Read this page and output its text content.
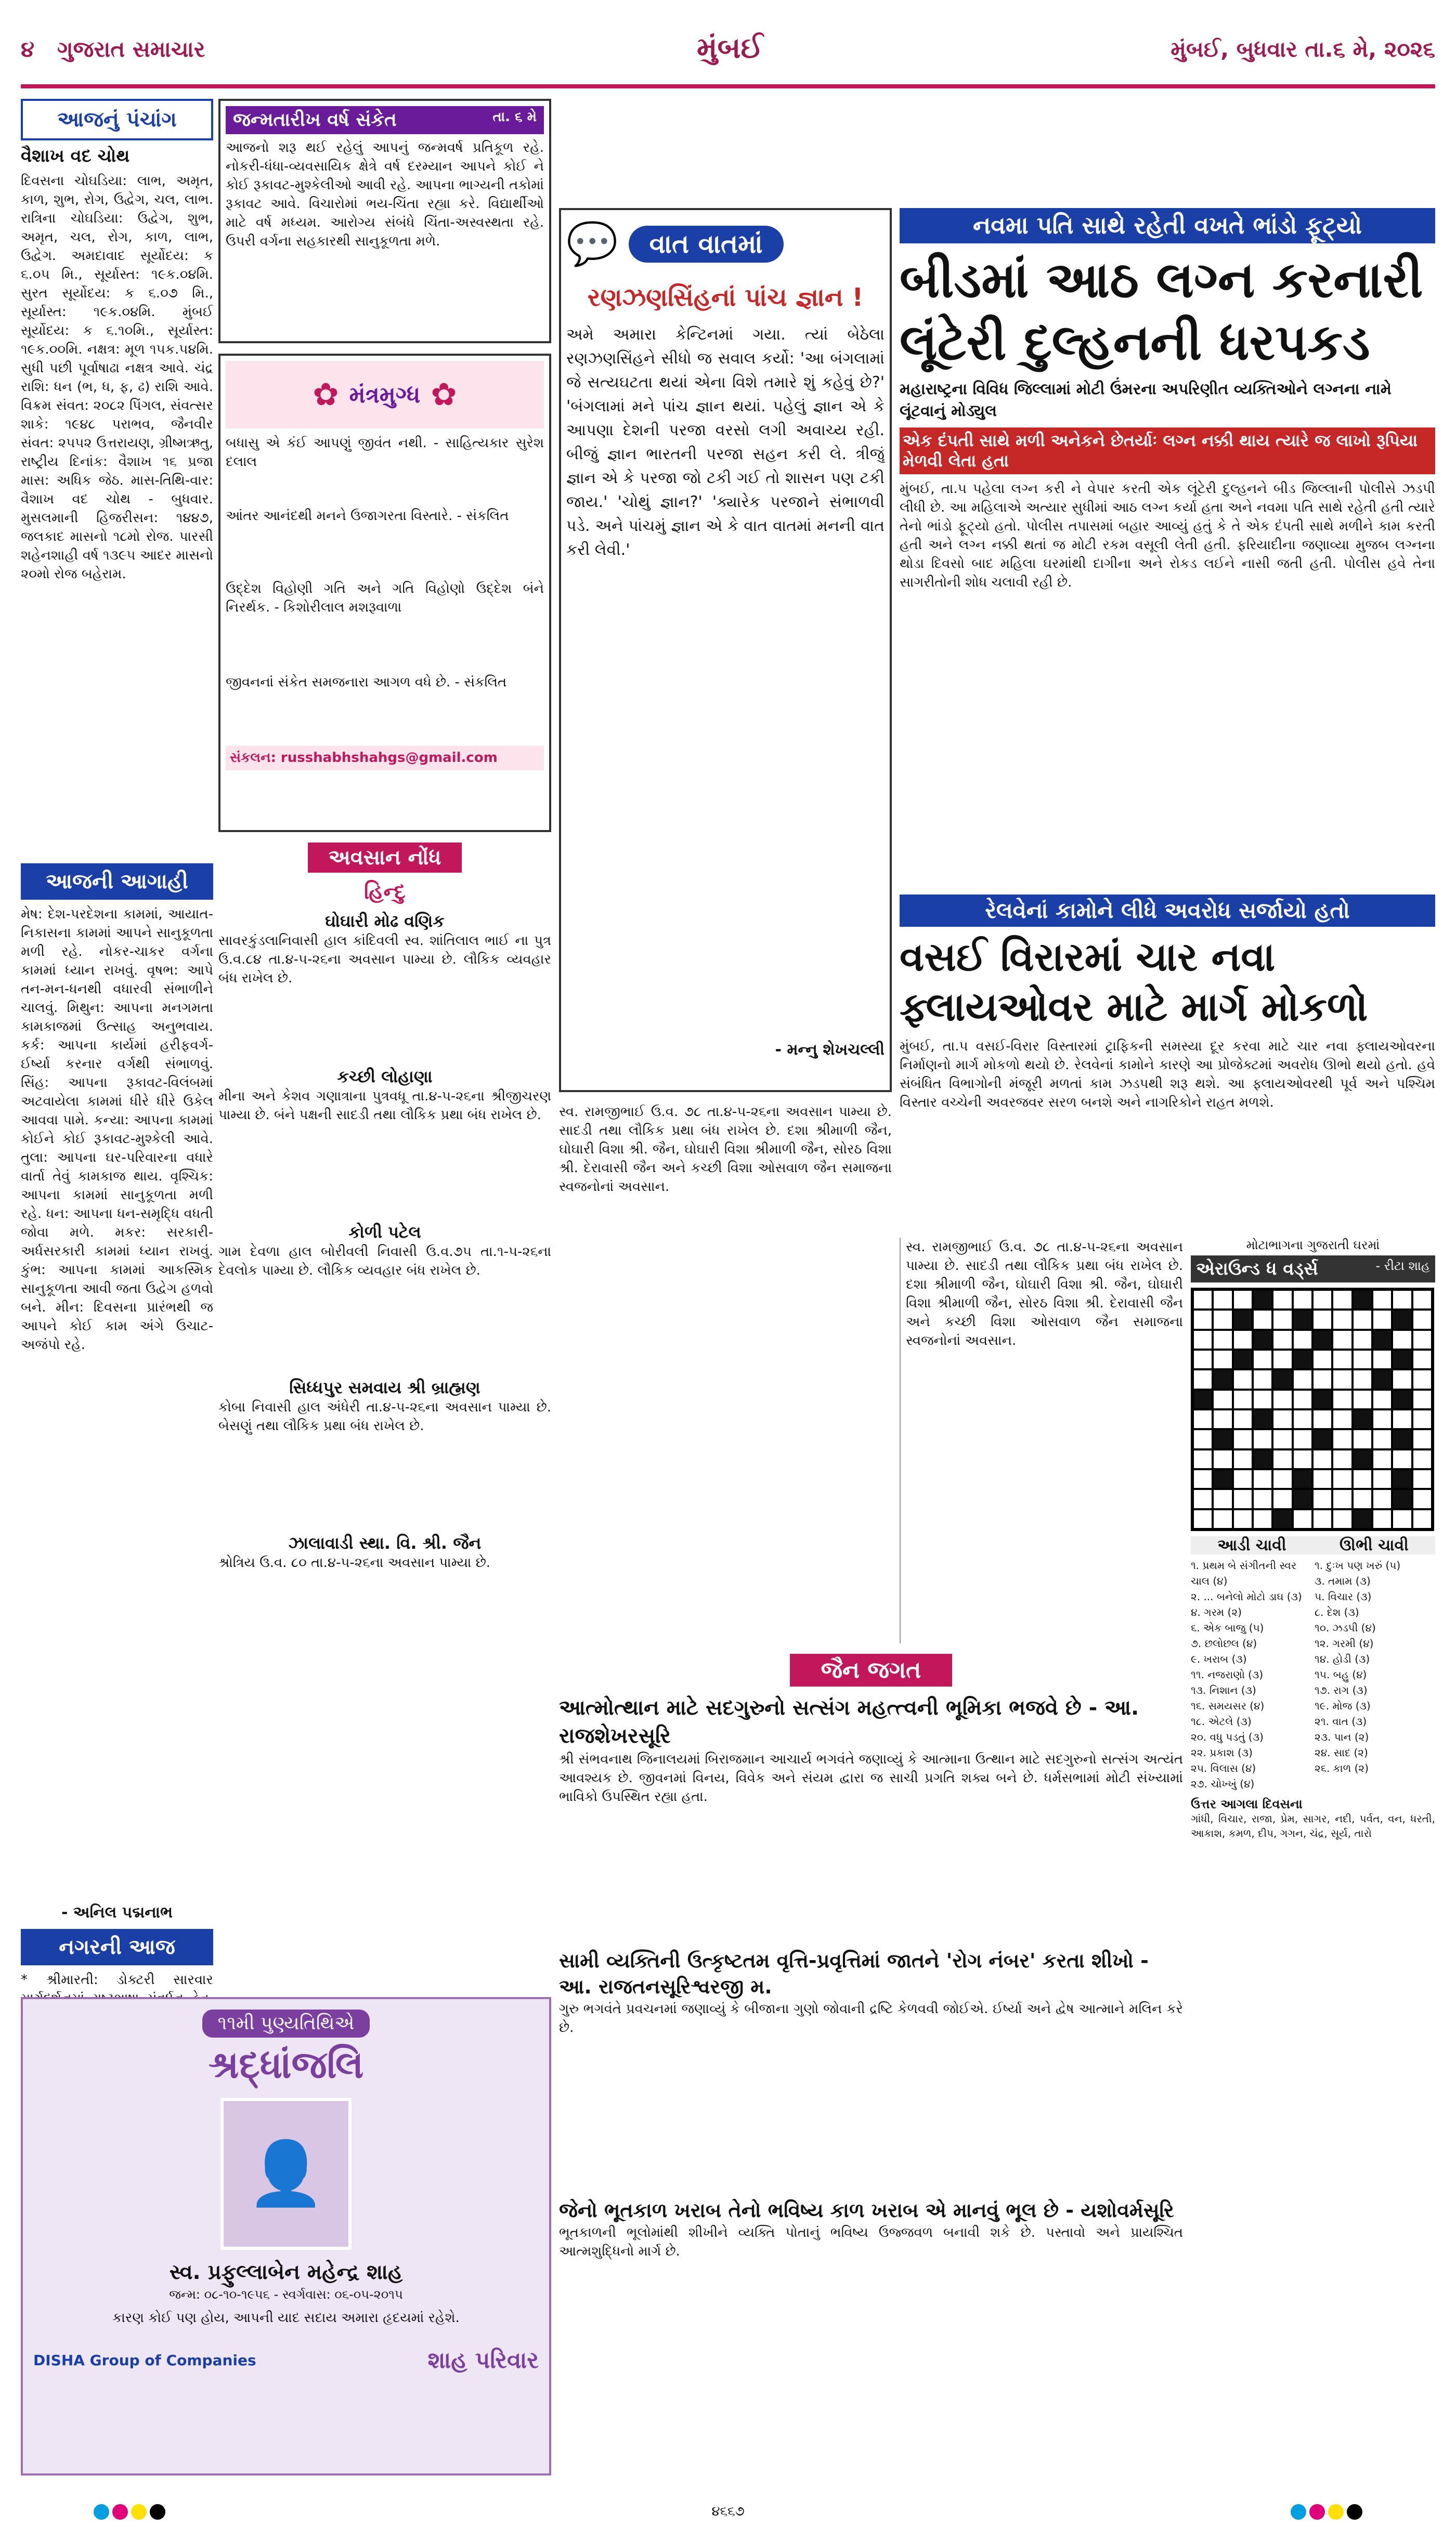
૪ ગુજરાત સમાચાર	મુંબઈ	મુંબઈ, બુધવાર તા.૬ મે, ૨૦૨૬
આજનું પંચાંગ
વૈશાખ વદ ચોથ
દિવસના ચોઘડિયા: લાભ, અમૃત, કાળ, શુભ, રોગ, ઉદ્વેગ, ચલ, લાભ. રાત્રિના ચોઘડિયા: ઉદ્વેગ, શુભ, અમૃત, ચલ, રોગ, કાળ, લાભ, ઉદ્વેગ. અમદાવાદ સૂર્યોદય: ક ૬.૦૫ મિ., સૂર્યાસ્ત: ૧૯ક.૦૪મિ. સુરત સૂર્યોદય: ક ૬.૦૭ મિ., સૂર્યાસ્ત: ૧૯ક.૦૪મિ. મુંબઈ સૂર્યોદય: ક ૬.૧૦મિ., સૂર્યાસ્ત: ૧૯ક.૦૦મિ. નક્ષત્ર: મૂળ ૧૫ક.૫૪મિ. સુધી પછી પૂર્વાષાઢા નક્ષત્ર આવે. ચંદ્ર રાશિ: ધન (ભ, ધ, ફ, ઢ) રાશિ આવે. વિક્રમ સંવત: ૨૦૮૨ પિંગલ, સંવત્સર શાકે: ૧૯૪૮ પરાભવ, જૈનવીર સંવત: ૨૫૫૨ ઉત્તરાયણ, ગ્રીષ્મઋતુ, રાષ્ટ્રીય દિનાંક: વૈશાખ ૧૬ પ્રજા માસ: અધિક જેઠ. માસ-તિથિ-વાર: વૈશાખ વદ ચોથ - બુધવાર. મુસલમાની હિજરીસન: ૧૪૪૭, જલકાદ માસનો ૧૮મો રોજ. પારસી શહેનશાહી વર્ષ ૧૩૯૫ આદર માસનો ૨૦મો રોજ બહેરામ.
આજની આગાહી
મેષ: દેશ-પરદેશના કામમાં, આયાત-નિકાસના કામમાં આપને સાનુકૂળતા મળી રહે. નોકર-ચાકર વર્ગના કામમાં ધ્યાન રાખવું. વૃષભ: આપે તન-મન-ધનથી વધારવી સંભાળીને ચાલવું. મિથુન: આપના મનગમતા કામકાજમાં ઉત્સાહ અનુભવાય. કર્ક: આપના કાર્યમાં હરીફવર્ગ-ઈર્ષ્યા કરનાર વર્ગથી સંભાળવું. સિંહ: આપના રૂકાવટ-વિલંબમાં અટવાયેલા કામમાં ધીરે ધીરે ઉકેલ આવવા પામે. કન્યા: આપના કામમાં કોઈને કોઈ રૂકાવટ-મુશ્કેલી આવે. તુલા: આપના ઘર-પરિવારના વધારે વાર્તા તેવું કામકાજ થાય. વૃશ્ચિક: આપના કામમાં સાનુકૂળતા મળી રહે. ધન: આપના ધન-સમૃદ્ધિ વધતી જોવા મળે. મકર: સરકારી-અર્ધસરકારી કામમાં ધ્યાન રાખવું. કુંભ: આપના કામમાં આકસ્મિક સાનુકૂળતા આવી જતા ઉદ્વેગ હળવો બને. મીન: દિવસના પ્રારંભથી જ આપને કોઈ કામ અંગે ઉચાટ-અજંપો રહે.
- અનિલ પદ્મનાભ
નગરની આજ
* શ્રીમારતી: ડોક્ટરી સારવાર
જન્મતારીખ વર્ષ સંકેત	તા. ૬ મે
આજનો શરૂ થઈ રહેલું આપનું જન્મવર્ષ પ્રતિકૂળ રહે. નોકરી-ધંધા-વ્યવસાયિક ક્ષેત્રે વર્ષ દરમ્યાન આપને કોઈ ને કોઈ રૂકાવટ-મુશ્કેલીઓ આવી રહે. આપના ભાગ્યની તકોમાં રૂકાવટ આવે. વિચારોમાં ભય-ચિંતા રહ્યા કરે. વિદ્યાર્થીઓ માટે વર્ષ મધ્યમ. આરોગ્ય સંબંધે ચિંતા-અસ્વસ્થતા રહે. ઉપરી વર્ગના સહકારથી સાનુકૂળતા મળે.
✿ મંત્રમુગ્ધ ✿
બધાસુ એ કંઈ આપણું જીવંત નથી. - સાહિત્યકાર સુરેશ દલાલ
આંતર આનંદથી મનને ઉજાગરતા વિસ્તારે. - સંકલિત
ઉદ્દેશ વિહોણી ગતિ અને ગતિ વિહોણો ઉદ્દેશ બંને નિરર્થક. - કિશોરીલાલ મશરૂવાળા
જીવનનાં સંકેત સમજનારા આગળ વધે છે. - સંકલિત
સંકલન: russhabhshahgs@gmail.com
અવસાન નોંધ
હિન્દુ
ઘોઘારી મોઢ વણિક
સાવરકુંડલાનિવાસી હાલ કાંદિવલી સ્વ. શાંતિલાલ ભાઈ ના પુત્ર ઉ.વ.૮૪ તા.૪-૫-૨૬ના અવસાન પામ્યા છે. લૌકિક વ્યવહાર બંધ રાખેલ છે.
કચ્છી લોહાણા
મીના અને કેશવ ગણાત્રાના પુત્રવધૂ તા.૪-૫-૨૬ના શ્રીજીચરણ પામ્યા છે. બંને પક્ષની સાદડી તથા લૌકિક પ્રથા બંધ રાખેલ છે.
કોળી પટેલ
ગામ દેવળા હાલ બોરીવલી નિવાસી ઉ.વ.૭૫ તા.૧-૫-૨૬ના દેવલોક પામ્યા છે. લૌકિક વ્યવહાર બંધ રાખેલ છે.
સિધ્ધપુર સમવાય શ્રી બ્રાહ્મણ
કોબા નિવાસી હાલ અંધેરી તા.૪-૫-૨૬ના અવસાન પામ્યા છે. બેસણું તથા લૌકિક પ્રથા બંધ રાખેલ છે.
ઝાલાવાડી સ્થા. વિ. શ્રી. જૈન
શ્રોત્રિય ઉ.વ. ૮૦ તા.૪-૫-૨૬ના અવસાન પામ્યા છે.
૧૧મી પુણ્યતિથિએ
શ્રદ્ધાંજલિ
👤
સ્વ. પ્રફુલ્લાબેન મહેન્દ્ર શાહ
જન્મ: ૦૮-૧૦-૧૯૫૬ - સ્વર્ગવાસ: ૦૬-૦૫-૨૦૧૫
કારણ કોઈ પણ હોય, આપની યાદ સદાય અમારા હૃદયમાં રહેશે.
DISHA Group of Companies	શાહ પરિવાર
💬	વાત વાતમાં
રણઝણસિંહનાં પાંચ જ્ઞાન !
અમે અમારા કેન્ટિનમાં ગયા. ત્યાં બેઠેલા રણઝણસિંહને સીધો જ સવાલ કર્યો: 'આ બંગલામાં જે સત્યઘટતા થયાં એના વિશે તમારે શું કહેવું છે?' 'બંગલામાં મને પાંચ જ્ઞાન થયાં. પહેલું જ્ઞાન એ કે આપણા દેશની પરજા વરસો લગી અવાચ્ય રહી. બીજું જ્ઞાન ભારતની પરજા સહન કરી લે. ત્રીજું જ્ઞાન એ કે પરજા જો ટકી ગઈ તો શાસન પણ ટકી જાય.' 'ચોથું જ્ઞાન?' 'ક્યારેક પરજાને સંભાળવી પડે. અને પાંચમું જ્ઞાન એ કે વાત વાતમાં મનની વાત કરી લેવી.'
- મન્નુ શેખચલ્લી
નવમા પતિ સાથે રહેતી વખતે ભાંડો ફૂટ્યો
બીડમાં આઠ લગ્ન કરનારી લૂંટેરી દુલ્હનની ધરપકડ
મહારાષ્ટ્રના વિવિધ જિલ્લામાં મોટી ઉંમરના અપરિણીત વ્યક્તિઓને લગ્નના નામે લૂંટવાનું મોડ્યુલ
એક દંપતી સાથે મળી અનેકને છેતર્યાઃ લગ્ન નક્કી થાય ત્યારે જ લાખો રૂપિયા મેળવી લેતા હતા
મુંબઈ, તા.૫ પહેલા લગ્ન કરી ને વેપાર કરતી એક લૂંટેરી દુલ્હનને બીડ જિલ્લાની પોલીસે ઝડપી લીધી છે. આ મહિલાએ અત્યાર સુધીમાં આઠ લગ્ન કર્યા હતા અને નવમા પતિ સાથે રહેતી હતી ત્યારે તેનો ભાંડો ફૂટ્યો હતો. પોલીસ તપાસમાં બહાર આવ્યું હતું કે તે એક દંપતી સાથે મળીને કામ કરતી હતી અને લગ્ન નક્કી થતાં જ મોટી રકમ વસૂલી લેતી હતી. ફરિયાદીના જણાવ્યા મુજબ લગ્નના થોડા દિવસો બાદ મહિલા ઘરમાંથી દાગીના અને રોકડ લઈને નાસી જતી હતી. પોલીસ હવે તેના સાગરીતોની શોધ ચલાવી રહી છે.
રેલવેનાં કામોને લીધે અવરોધ સર્જાયો હતો
વસઈ વિરારમાં ચાર નવા ફ્લાયઓવર માટે માર્ગ મોકળો
મુંબઈ, તા.૫ વસઈ-વિરાર વિસ્તારમાં ટ્રાફિકની સમસ્યા દૂર કરવા માટે ચાર નવા ફ્લાયઓવરના નિર્માણનો માર્ગ મોકળો થયો છે. રેલવેનાં કામોને કારણે આ પ્રોજેક્ટમાં અવરોધ ઊભો થયો હતો. હવે સંબંધિત વિભાગોની મંજૂરી મળતાં કામ ઝડપથી શરૂ થશે. આ ફ્લાયઓવરથી પૂર્વ અને પશ્ચિમ વિસ્તાર વચ્ચેની અવરજવર સરળ બનશે અને નાગરિકોને રાહત મળશે.
સ્વ. રામજીભાઈ ઉ.વ. ૭૮ તા.૪-૫-૨૬ના અવસાન પામ્યા છે. સાદડી તથા લૌકિક પ્રથા બંધ રાખેલ છે. દશા શ્રીમાળી જૈન, ઘોઘારી વિશા શ્રી. જૈન, ઘોઘારી વિશા શ્રીમાળી જૈન, સોરઠ વિશા શ્રી. દેરાવાસી જૈન અને કચ્છી વિશા ઓસવાળ જૈન સમાજના સ્વજનોનાં અવસાન.
જૈન જગત
આત્મોત્થાન માટે સદગુરુનો સત્સંગ મહત્ત્વની ભૂમિકા ભજવે છે - આ. રાજશેખરસૂરિ
શ્રી સંભવનાથ જિનાલયમાં બિરાજમાન આચાર્ય ભગવંતે જણાવ્યું કે આત્માના ઉત્થાન માટે સદગુરુનો સત્સંગ અત્યંત આવશ્યક છે. જીવનમાં વિનય, વિવેક અને સંયમ દ્વારા જ સાચી પ્રગતિ શક્ય બને છે. ધર્મસભામાં મોટી સંખ્યામાં ભાવિકો ઉપસ્થિત રહ્યા હતા.
સામી વ્યક્તિની ઉત્કૃષ્ટતમ વૃત્તિ-પ્રવૃત્તિમાં જાતને 'રોગ નંબર' કરતા શીખો - આ. રાજતનસૂરિશ્વરજી મ.
ગુરુ ભગવંતે પ્રવચનમાં જણાવ્યું કે બીજાના ગુણો જોવાની દ્રષ્ટિ કેળવવી જોઈએ. ઈર્ષ્યા અને દ્વેષ આત્માને મલિન કરે છે.
જેનો ભૂતકાળ ખરાબ તેનો ભવિષ્ય કાળ ખરાબ એ માનવું ભૂલ છે - યશોવર્મસૂરિ
ભૂતકાળની ભૂલોમાંથી શીખીને વ્યક્તિ પોતાનું ભવિષ્ય ઉજ્જવળ બનાવી શકે છે. પસ્તાવો અને પ્રાયશ્ચિત આત્મશુદ્ધિનો માર્ગ છે.
મોટાભાગના ગુજરાતી ઘરમાં
એરાઉન્ડ ધ વર્ડ્સ	- રીટા શાહ
આડી ચાવી	ઊભી ચાવી
૧. પ્રથમ બે સંગીતની સ્વર ચાલ (૪)
૨. ... બનેલો મોટો ડાઘ (૩)
૪. ગરમ (૨)
૬. એક બાજુ (૫)
૭. છલોછલ (૪)
૯. ખરાબ (૩)
૧૧. નજરાણો (૩)
૧૩. નિશાન (૩)
૧૬. સમયસર (૪)
૧૮. એટલે (૩)
૨૦. વધુ પડતું (૩)
૨૨. પ્રકાશ (૩)
૨૫. વિલાસ (૪)
૨૭. ચોખ્ખું (૪)
૧. દુઃખ પણ ખરું (૫)
૩. તમામ (૩)
૫. વિચાર (૩)
૮. દેશ (૩)
૧૦. ઝડપી (૪)
૧૨. ગરમી (૪)
૧૪. હોડી (૩)
૧૫. બહુ (૪)
૧૭. રાગ (૩)
૧૯. મોજ (૩)
૨૧. વાત (૩)
૨૩. પાન (૨)
૨૪. સાદ (૨)
૨૬. કાળ (૨)
ઉત્તર આગલા દિવસના
ગાંધી, વિચાર, રાજા, પ્રેમ, સાગર, નદી, પર્વત, વન, ધરતી, આકાશ, કમળ, દીપ, ગગન, ચંદ્ર, સૂર્ય, તારો
સ્વ. રામજીભાઈ ઉ.વ. ૭૮ તા.૪-૫-૨૬ના અવસાન પામ્યા છે. સાદડી તથા લૌકિક પ્રથા બંધ રાખેલ છે. દશા શ્રીમાળી જૈન, ઘોઘારી વિશા શ્રી. જૈન, ઘોઘારી વિશા શ્રીમાળી જૈન, સોરઠ વિશા શ્રી. દેરાવાસી જૈન અને કચ્છી વિશા ઓસવાળ જૈન સમાજના સ્વજનોનાં અવસાન.
૪૬૬૭
